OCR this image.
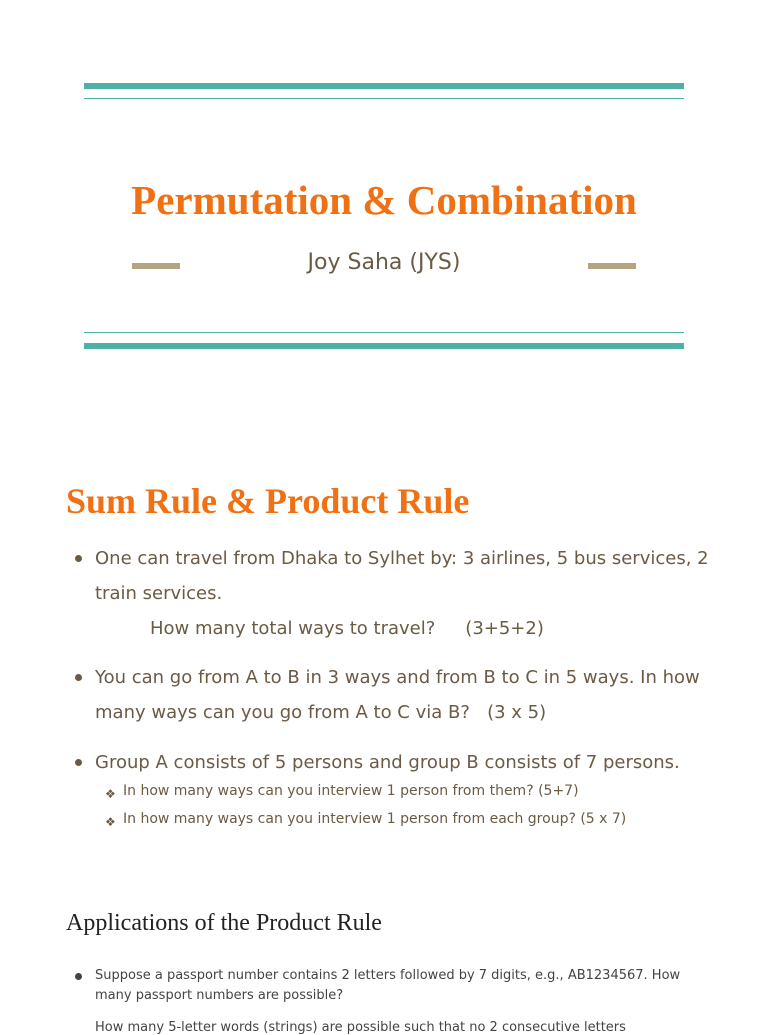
Permutation & Combination
Joy Saha (JYS)
Sum Rule & Product Rule
One can travel from Dhaka to Sylhet by: 3 airlines, 5 bus services, 2 train services.
How many total ways to travel? (3+5+2)
You can go from A to B in 3 ways and from B to C in 5 ways. In how many ways can you go from A to C via B?   (3 x 5)
Group A consists of 5 persons and group B consists of 7 persons.
❖ In how many ways can you interview 1 person from them? (5+7)
❖ In how many ways can you interview 1 person from each group? (5 x 7)
Applications of the Product Rule
Suppose a passport number contains 2 letters followed by 7 digits, e.g., AB1234567. How many passport numbers are possible?
How many 5-letter words (strings) are possible such that no 2 consecutive letters
